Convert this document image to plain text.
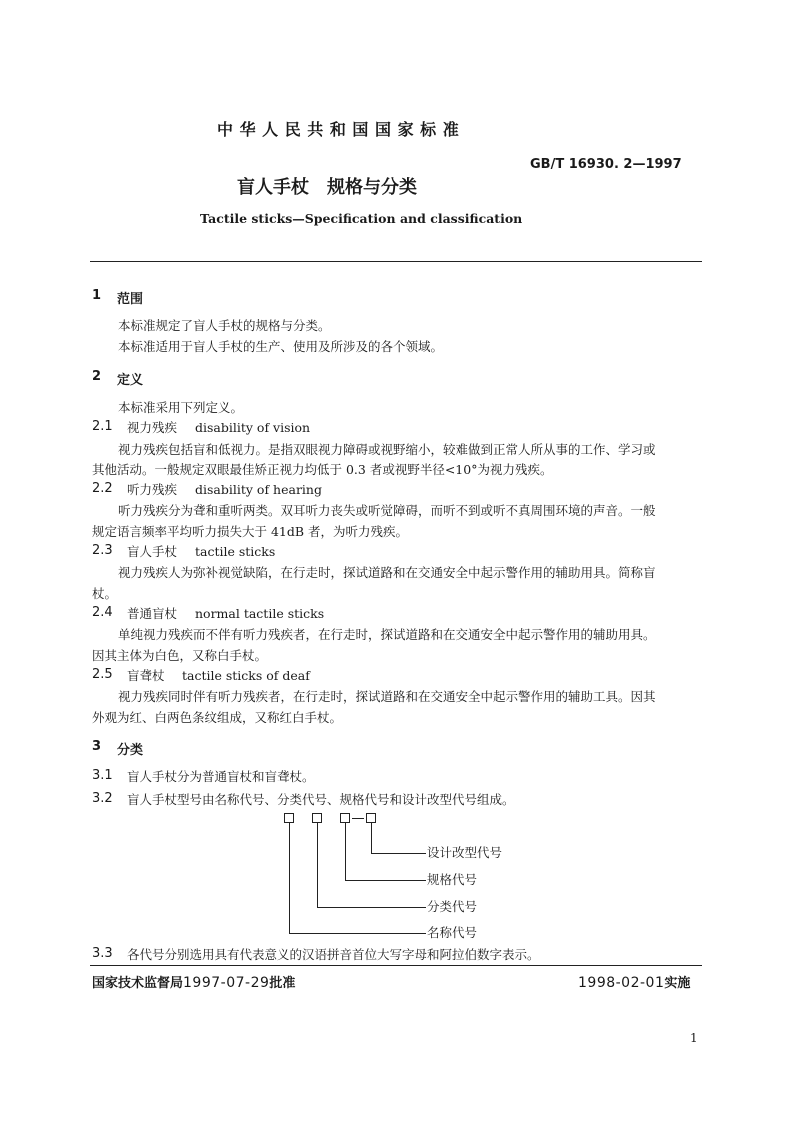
中 华 人 民 共 和 国 国 家 标 准
GB/T 16930. 2—1997
盲人手杖　规格与分类
Tactile sticks—Specification and classification
1 范围
本标准规定了盲人手杖的规格与分类。
本标准适用于盲人手杖的生产、使用及所涉及的各个领域。
2 定义
本标准采用下列定义。
2.1 视力残疾 disability of vision
视力残疾包括盲和低视力。是指双眼视力障碍或视野缩小，较难做到正常人所从事的工作、学习或
其他活动。一般规定双眼最佳矫正视力均低于 0.3 者或视野半径<10°为视力残疾。
2.2 听力残疾 disability of hearing
听力残疾分为聋和重听两类。双耳听力丧失或听觉障碍，而听不到或听不真周围环境的声音。一般
规定语言频率平均听力损失大于 41dB 者，为听力残疾。
2.3 盲人手杖 tactile sticks
视力残疾人为弥补视觉缺陷，在行走时，探试道路和在交通安全中起示警作用的辅助用具。简称盲
杖。
2.4 普通盲杖 normal tactile sticks
单纯视力残疾而不伴有听力残疾者，在行走时，探试道路和在交通安全中起示警作用的辅助用具。
因其主体为白色，又称白手杖。
2.5 盲聋杖 tactile sticks of deaf
视力残疾同时伴有听力残疾者，在行走时，探试道路和在交通安全中起示警作用的辅助工具。因其
外观为红、白两色条纹组成，又称红白手杖。
3 分类
3.1 盲人手杖分为普通盲杖和盲聋杖。
3.2 盲人手杖型号由名称代号、分类代号、规格代号和设计改型代号组成。
设计改型代号
规格代号
分类代号
名称代号
3.3 各代号分别选用具有代表意义的汉语拼音首位大写字母和阿拉伯数字表示。
国家技术监督局1997-07-29批准	1998-02-01实施
1
